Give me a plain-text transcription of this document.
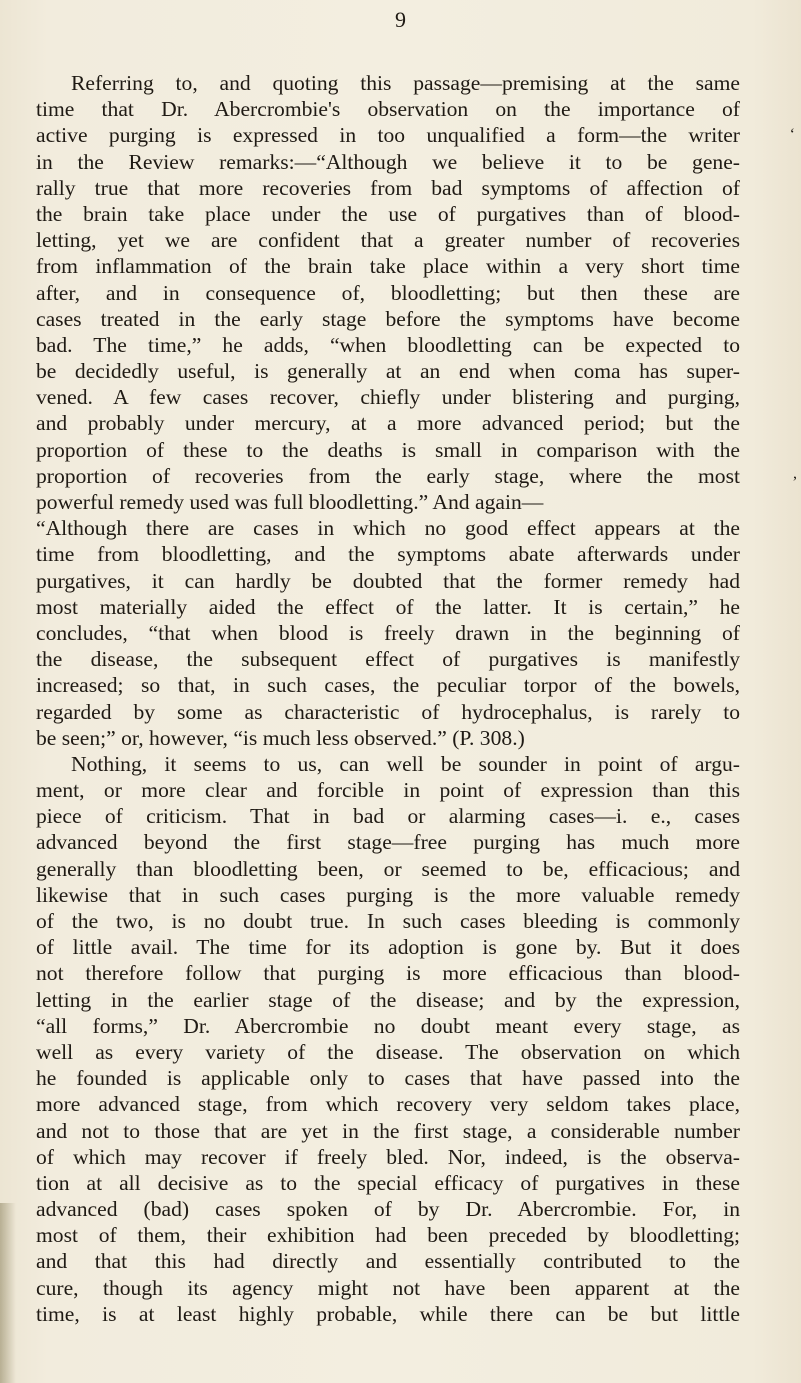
9
‘
,
Referring to, and quoting this passage—premising at the same
time that Dr. Abercrombie's observation on the importance of
active purging is expressed in too unqualified a form—the writer
in the Review remarks:—“Although we believe it to be gene-
rally true that more recoveries from bad symptoms of affection of
the brain take place under the use of purgatives than of blood-
letting, yet we are confident that a greater number of recoveries
from inflammation of the brain take place within a very short time
after, and in consequence of, bloodletting; but then these are
cases treated in the early stage before the symptoms have become
bad. The time,” he adds, “when bloodletting can be expected to
be decidedly useful, is generally at an end when coma has super-
vened. A few cases recover, chiefly under blistering and purging,
and probably under mercury, at a more advanced period; but the
proportion of these to the deaths is small in comparison with the
proportion of recoveries from the early stage, where the most
powerful remedy used was full bloodletting.” And again—
“Although there are cases in which no good effect appears at the
time from bloodletting, and the symptoms abate afterwards under
purgatives, it can hardly be doubted that the former remedy had
most materially aided the effect of the latter. It is certain,” he
concludes, “that when blood is freely drawn in the beginning of
the disease, the subsequent effect of purgatives is manifestly
increased; so that, in such cases, the peculiar torpor of the bowels,
regarded by some as characteristic of hydrocephalus, is rarely to
be seen;” or, however, “is much less observed.” (P. 308.)
Nothing, it seems to us, can well be sounder in point of argu-
ment, or more clear and forcible in point of expression than this
piece of criticism. That in bad or alarming cases—i. e., cases
advanced beyond the first stage—free purging has much more
generally than bloodletting been, or seemed to be, efficacious; and
likewise that in such cases purging is the more valuable remedy
of the two, is no doubt true. In such cases bleeding is commonly
of little avail. The time for its adoption is gone by. But it does
not therefore follow that purging is more efficacious than blood-
letting in the earlier stage of the disease; and by the expression,
“all forms,” Dr. Abercrombie no doubt meant every stage, as
well as every variety of the disease. The observation on which
he founded is applicable only to cases that have passed into the
more advanced stage, from which recovery very seldom takes place,
and not to those that are yet in the first stage, a considerable number
of which may recover if freely bled. Nor, indeed, is the observa-
tion at all decisive as to the special efficacy of purgatives in these
advanced (bad) cases spoken of by Dr. Abercrombie. For, in
most of them, their exhibition had been preceded by bloodletting;
and that this had directly and essentially contributed to the
cure, though its agency might not have been apparent at the
time, is at least highly probable, while there can be but little
